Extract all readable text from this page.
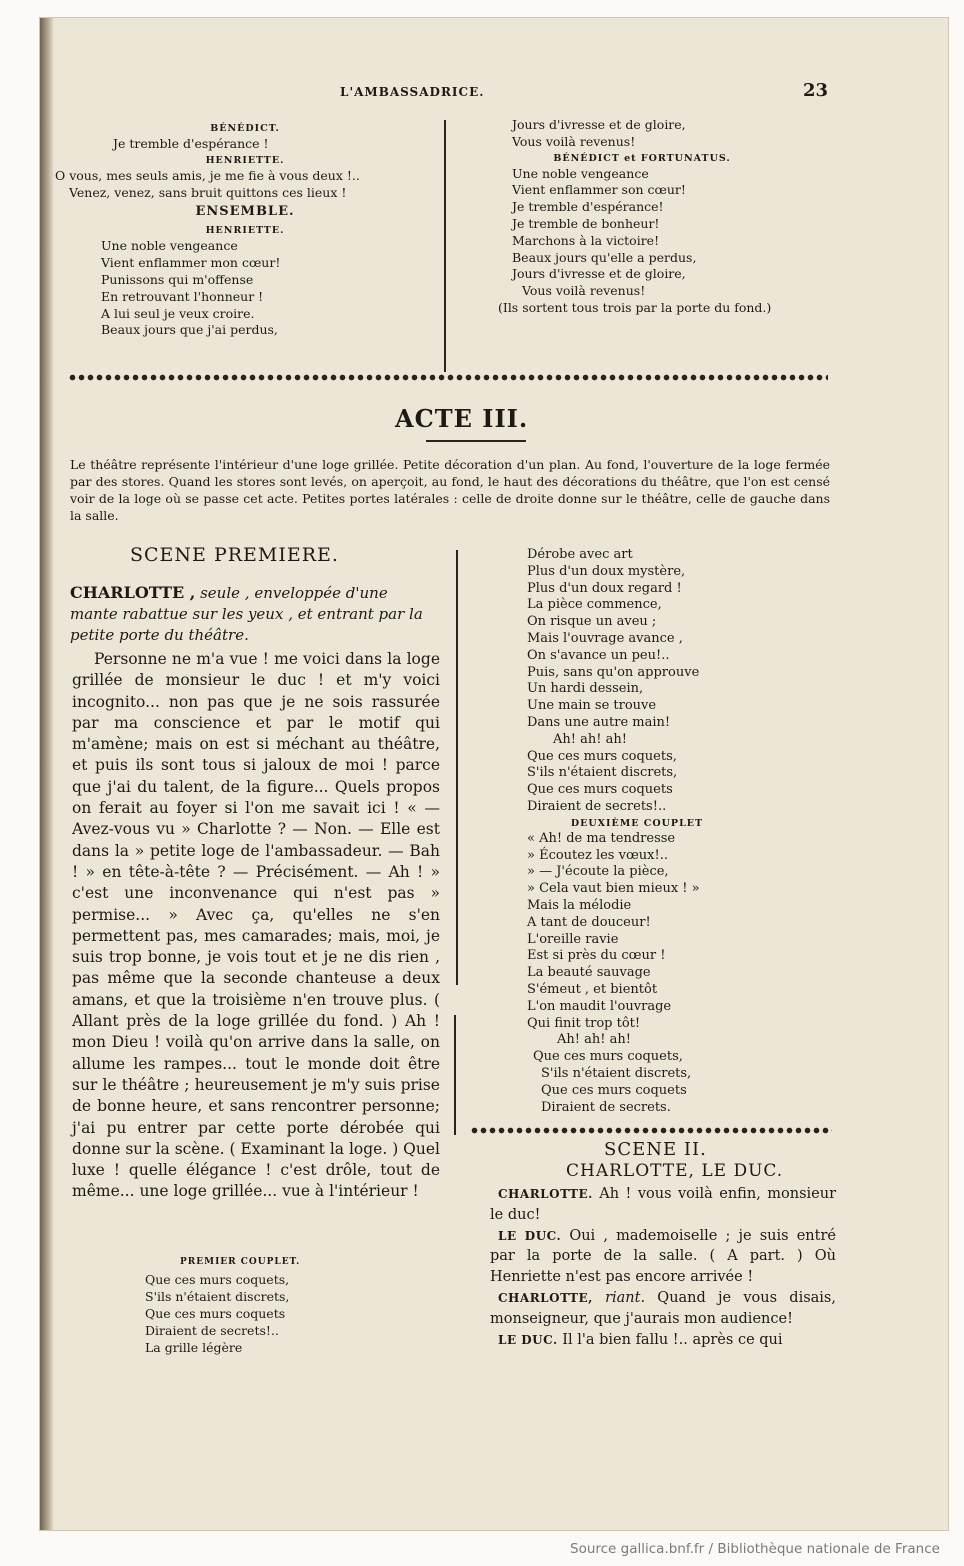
L'AMBASSADRICE.	23
BÉNÉDICT.
Je tremble d'espérance !
HENRIETTE.
O vous, mes seuls amis, je me fie à vous deux !..
Venez, venez, sans bruit quittons ces lieux !
ENSEMBLE.
HENRIETTE.
Une noble vengeance
Vient enflammer mon cœur!
Punissons qui m'offense
En retrouvant l'honneur !
A lui seul je veux croire.
Beaux jours que j'ai perdus,
Jours d'ivresse et de gloire,
Vous voilà revenus!
BÉNÉDICT et FORTUNATUS.
Une noble vengeance
Vient enflammer son cœur!
Je tremble d'espérance!
Je tremble de bonheur!
Marchons à la victoire!
Beaux jours qu'elle a perdus,
Jours d'ivresse et de gloire,
Vous voilà revenus!
(Ils sortent tous trois par la porte du fond.)
ACTE III.
Le théâtre représente l'intérieur d'une loge grillée. Petite décoration d'un plan. Au fond, l'ouverture de la loge fermée par des stores. Quand les stores sont levés, on aperçoit, au fond, le haut des décorations du théâtre, que l'on est censé voir de la loge où se passe cet acte. Petites portes latérales : celle de droite donne sur le théâtre, celle de gauche dans la salle.
SCENE PREMIERE.
CHARLOTTE , seule , enveloppée d'une mante rabattue sur les yeux , et entrant par la petite porte du théâtre.

Personne ne m'a vue ! me voici dans la loge grillée de monsieur le duc ! et m'y voici incognito... non pas que je ne sois rassurée par ma conscience et par le motif qui m'amène; mais on est si méchant au théâtre, et puis ils sont tous si jaloux de moi ! parce que j'ai du talent, de la figure... Quels propos on ferait au foyer si l'on me savait ici ! « — Avez-vous vu » Charlotte ? — Non. — Elle est dans la » petite loge de l'ambassadeur. — Bah ! » en tête-à-tête ? — Précisément. — Ah ! » c'est une inconvenance qui n'est pas » permise... » Avec ça, qu'elles ne s'en permettent pas, mes camarades; mais, moi, je suis trop bonne, je vois tout et je ne dis rien , pas même que la seconde chanteuse a deux amans, et que la troisième n'en trouve plus. ( Allant près de la loge grillée du fond. ) Ah ! mon Dieu ! voilà qu'on arrive dans la salle, on allume les rampes... tout le monde doit être sur le théâtre ; heureusement je m'y suis prise de bonne heure, et sans rencontrer personne; j'ai pu entrer par cette porte dérobée qui donne sur la scène. ( Examinant la loge. ) Quel luxe ! quelle élégance ! c'est drôle, tout de même... une loge grillée... vue à l'intérieur !

PREMIER COUPLET.
Que ces murs coquets,
S'ils n'étaient discrets,
Que ces murs coquets
Diraient de secrets!..
La grille légère
Dérobe avec art
Plus d'un doux mystère,
Plus d'un doux regard !
La pièce commence,
On risque un aveu ;
Mais l'ouvrage avance ,
On s'avance un peu!..
Puis, sans qu'on approuve
Un hardi dessein,
Une main se trouve
Dans une autre main!
Ah! ah! ah!
Que ces murs coquets,
S'ils n'étaient discrets,
Que ces murs coquets
Diraient de secrets!..
DEUXIÈME COUPLET
« Ah! de ma tendresse
» Écoutez les vœux!..
» — J'écoute la pièce,
» Cela vaut bien mieux ! »
Mais la mélodie
A tant de douceur!
L'oreille ravie
Est si près du cœur !
La beauté sauvage
S'émeut , et bientôt
L'on maudit l'ouvrage
Qui finit trop tôt!
Ah! ah! ah!
Que ces murs coquets,
S'ils n'étaient discrets,
Que ces murs coquets
Diraient de secrets.
SCENE II.
CHARLOTTE, LE DUC.

CHARLOTTE. Ah ! vous voilà enfin, monsieur le duc!

LE DUC. Oui , mademoiselle ; je suis entré par la porte de la salle. ( A part. ) Où Henriette n'est pas encore arrivée !

CHARLOTTE, riant. Quand je vous disais, monseigneur, que j'aurais mon audience!

LE DUC. Il l'a bien fallu !.. après ce qui

Source gallica.bnf.fr / Bibliothèque nationale de France
